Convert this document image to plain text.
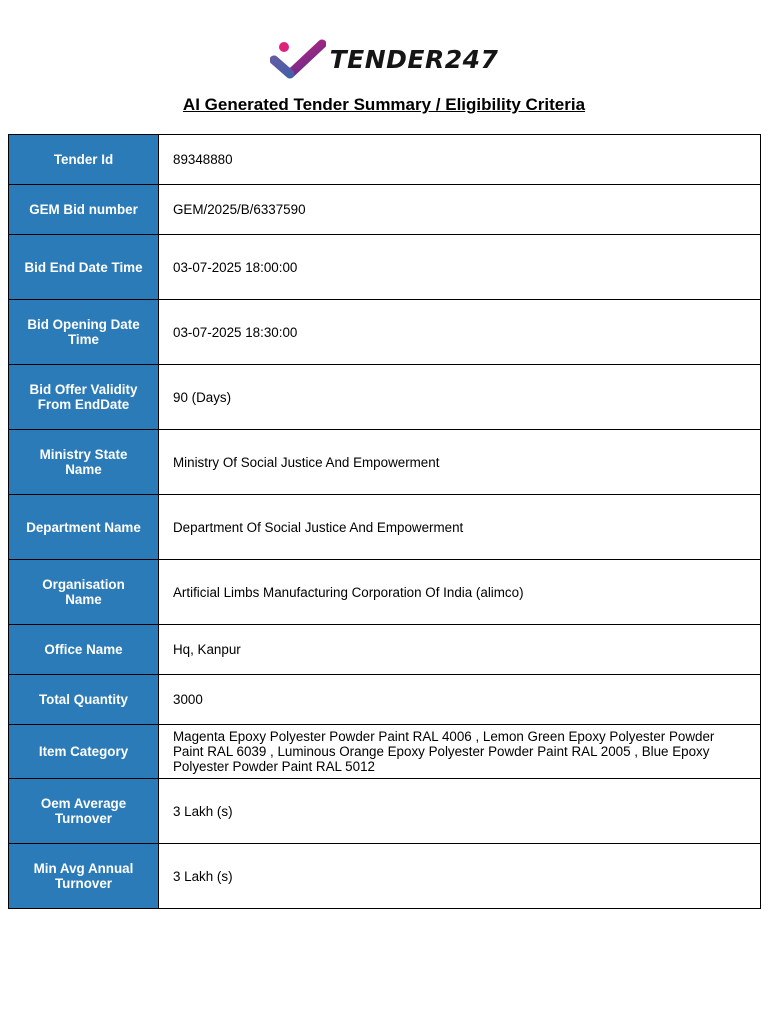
TENDER247
AI Generated Tender Summary / Eligibility Criteria
Tender Id	89348880
GEM Bid number	GEM/2025/B/6337590
Bid End Date Time	03-07-2025 18:00:00
Bid Opening Date Time	03-07-2025 18:30:00
Bid Offer Validity From EndDate	90 (Days)
Ministry State Name	Ministry Of Social Justice And Empowerment
Department Name	Department Of Social Justice And Empowerment
Organisation Name	Artificial Limbs Manufacturing Corporation Of India (alimco)
Office Name	Hq, Kanpur
Total Quantity	3000
Item Category	Magenta Epoxy Polyester Powder Paint RAL 4006 , Lemon Green Epoxy Polyester Powder Paint RAL 6039 , Luminous Orange Epoxy Polyester Powder Paint RAL 2005 , Blue Epoxy Polyester Powder Paint RAL 5012
Oem Average Turnover	3 Lakh (s)
Min Avg Annual Turnover	3 Lakh (s)
